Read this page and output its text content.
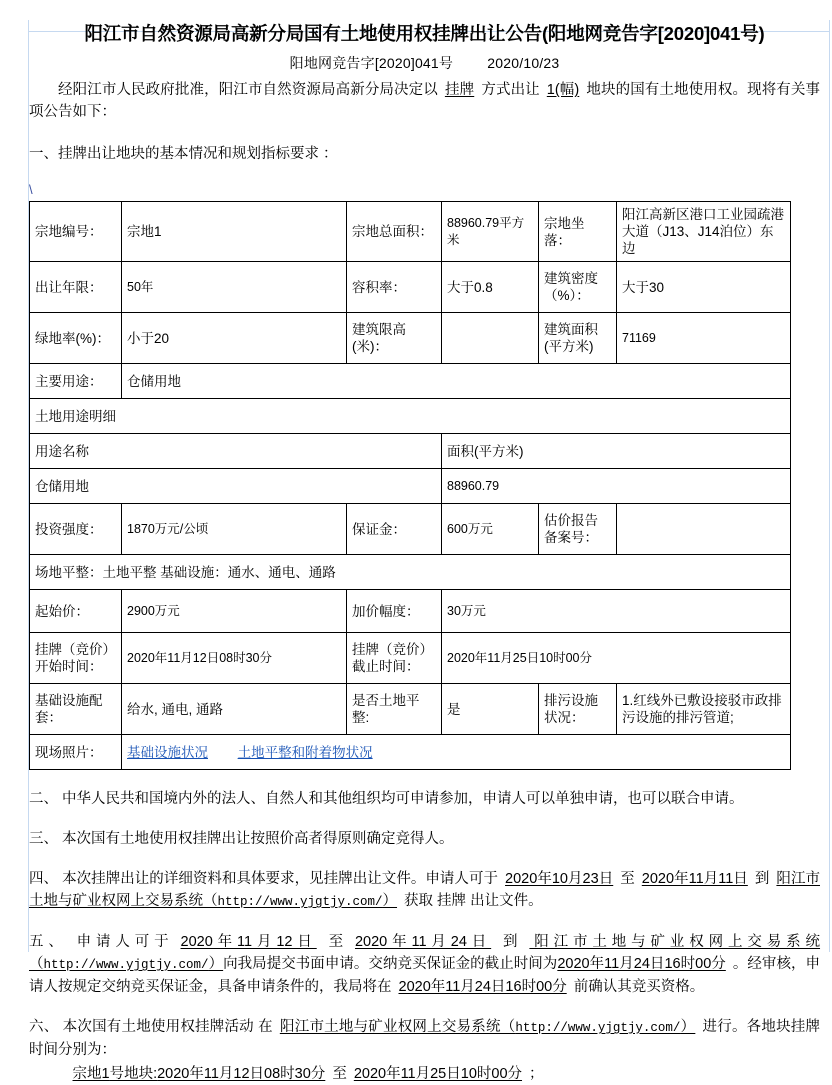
阳江市自然资源局高新分局国有土地使用权挂牌出让公告(阳地网竞告字[2020]041号)
阳地网竞告字[2020]041号 2020/10/23
经阳江市人民政府批准，阳江市自然资源局高新分局决定以 挂牌 方式出让 1(幅) 地块的国有土地使用权。现将有关事项公告如下：
一、挂牌出让地块的基本情况和规划指标要求 ：
\
宗地编号：	宗地1	宗地总面积：	88960.79平方米	宗地坐落：	阳江高新区港口工业园疏港大道（J13、J14泊位）东边
出让年限：	50年	容积率：	大于0.8	建筑密度（%）：	大于30
绿地率(%)：	小于20	建筑限高(米)：		建筑面积(平方米)	71169
主要用途：	仓储用地				
土地用途明细					
用途名称			面积(平方米)		
仓储用地			88960.79		
投资强度：	1870万元/公顷	保证金：	600万元	估价报告备案号：	
场地平整：土地平整 基础设施：通水、通电、通路					
起始价：	2900万元	加价幅度：	30万元		
挂牌（竞价）开始时间：	2020年11月12日08时30分	挂牌（竞价）截止时间：	2020年11月25日10时00分		
基础设施配套：	给水, 通电, 通路	是否土地平整:	是	排污设施状况：	1.红线外已敷设接驳市政排污设施的排污管道;
现场照片：	基础设施状况 土地平整和附着物状况				
二、 中华人民共和国境内外的法人、自然人和其他组织均可申请参加，申请人可以单独申请，也可以联合申请。
三、 本次国有土地使用权挂牌出让按照价高者得原则确定竞得人。
四、 本次挂牌出让的详细资料和具体要求，见挂牌出让文件。申请人可于 2020年10月23日 至 2020年11月11日 到 阳江市土地与矿业权网上交易系统（http://www.yjgtjy.com/） 获取 挂牌 出让文件。
五、 申请人可于 2020年11月12日 至 2020年11月24日 到 阳江市土地与矿业权网上交易系统（http://www.yjgtjy.com/）向我局提交书面申请。交纳竞买保证金的截止时间为2020年11月24日16时00分 。经审核，申请人按规定交纳竞买保证金，具备申请条件的，我局将在 2020年11月24日16时00分 前确认其竞买资格。
六、 本次国有土地使用权挂牌活动 在 阳江市土地与矿业权网上交易系统（http://www.yjgtjy.com/） 进行。各地块挂牌时间分别为：
宗地1号地块:2020年11月12日08时30分 至 2020年11月25日10时00分 ；
